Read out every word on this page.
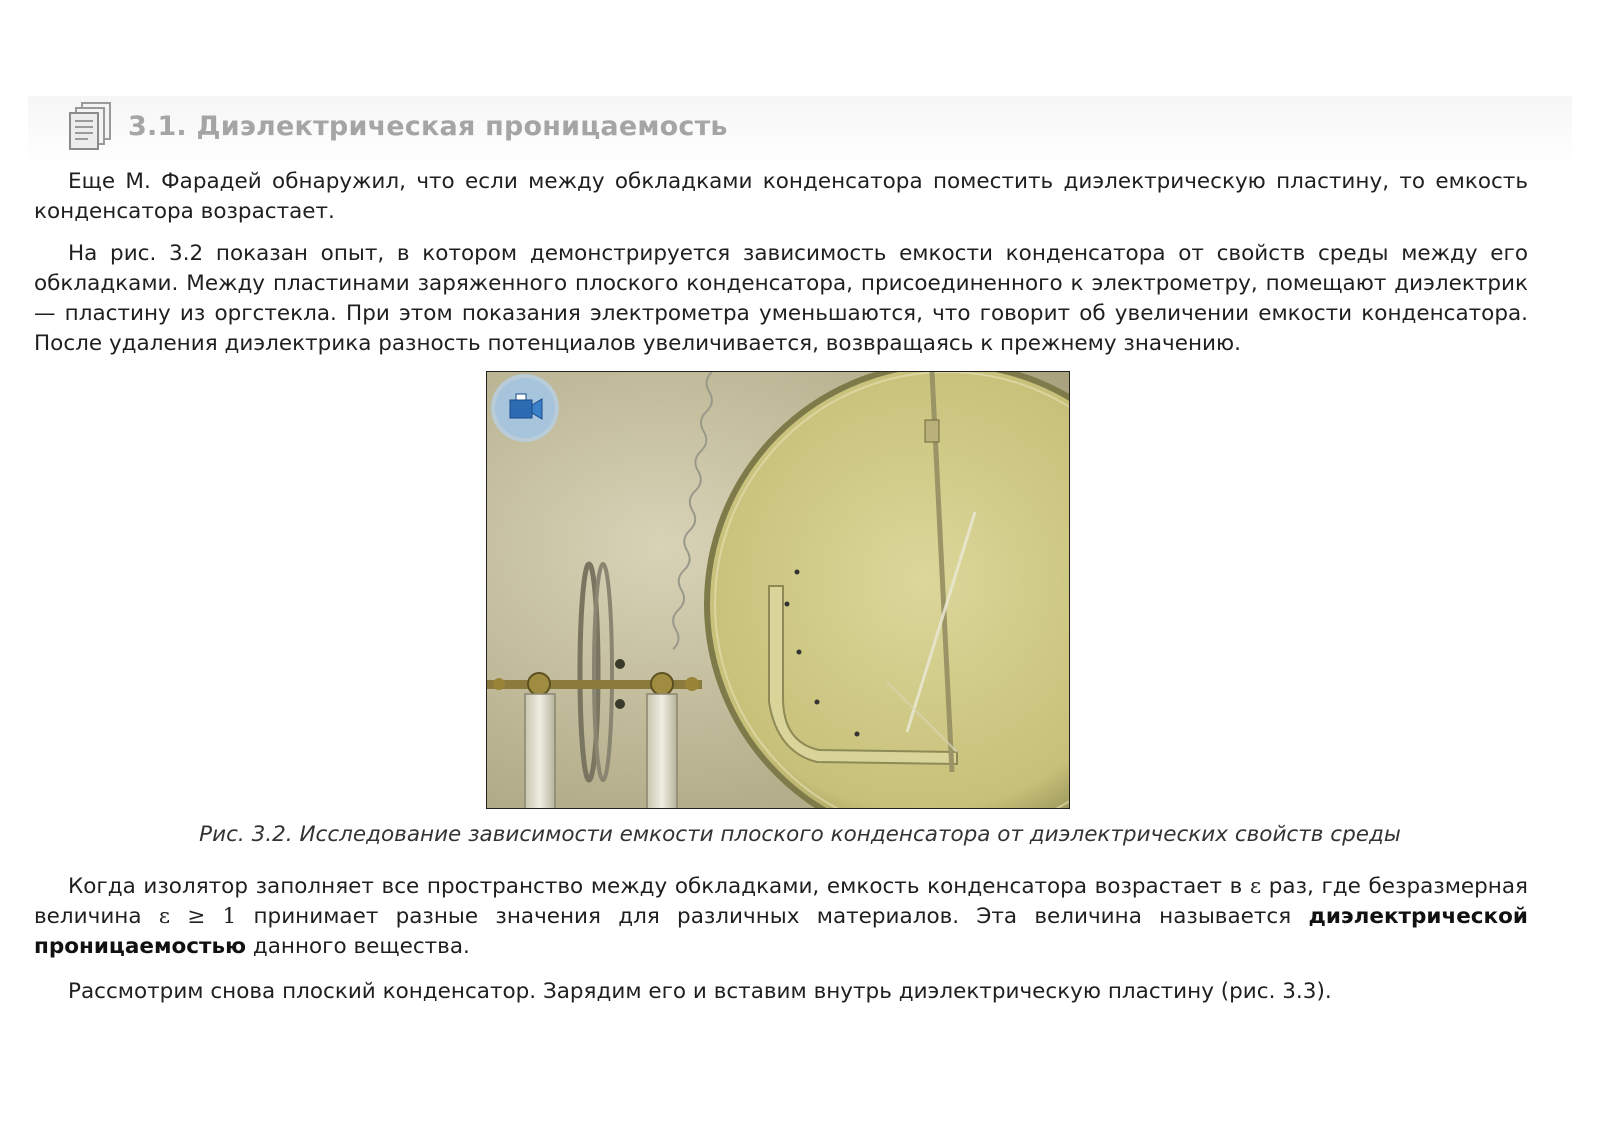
3.1. Диэлектрическая проницаемость

Еще М. Фарадей обнаружил, что если между обкладками конденсатора поместить диэлектрическую пластину, то емкость конденсатора возрастает.

На рис. 3.2 показан опыт, в котором демонстрируется зависимость емкости конденсатора от свойств среды между его обкладками. Между пластинами заряженного плоского конденсатора, присоединенного к электрометру, помещают диэлектрик — пластину из оргстекла. При этом показания электрометра уменьшаются, что говорит об увеличении емкости конденсатора. После удаления диэлектрика разность потенциалов увеличивается, возвращаясь к прежнему значению.

Рис. 3.2. Исследование зависимости емкости плоского конденсатора от диэлектрических свойств среды

Когда изолятор заполняет все пространство между обкладками, емкость конденсатора возрастает в ε раз, где безразмерная величина ε ≥ 1 принимает разные значения для различных материалов. Эта величина называется диэлектрической проницаемостью данного вещества.

Рассмотрим снова плоский конденсатор. Зарядим его и вставим внутрь диэлектрическую пластину (рис. 3.3).
